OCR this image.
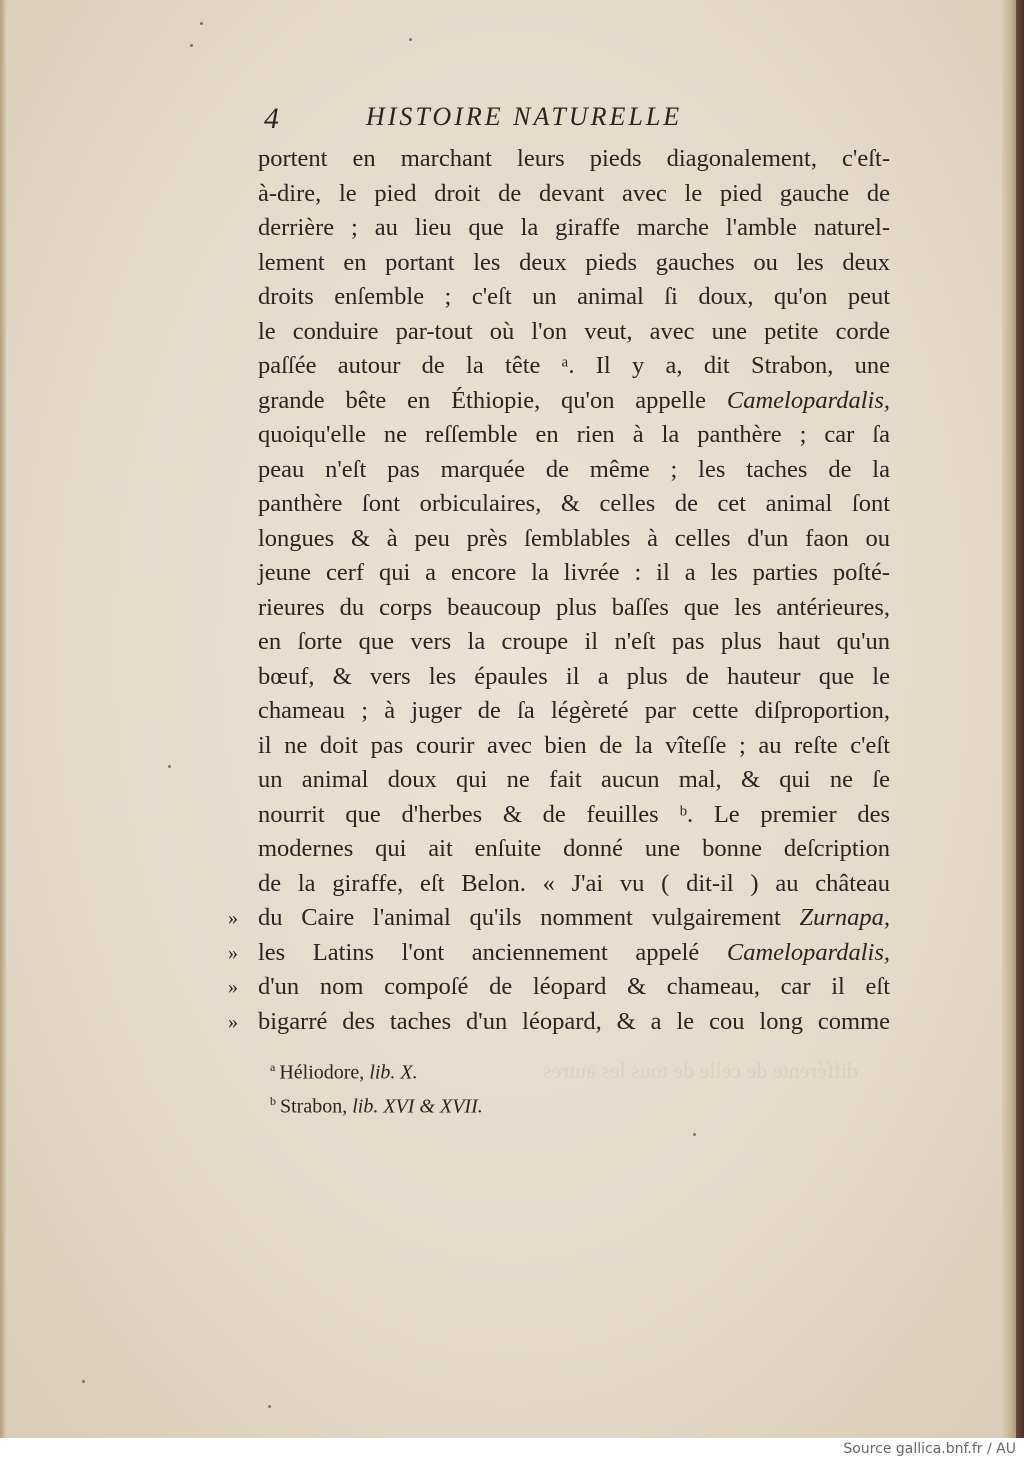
4	HISTOIRE NATURELLE
portent en marchant leurs pieds diagonalement, c'eſt-
à-dire, le pied droit de devant avec le pied gauche de
derrière ; au lieu que la giraffe marche l'amble naturel-
lement en portant les deux pieds gauches ou les deux
droits enſemble ; c'eſt un animal ſi doux, qu'on peut
le conduire par-tout où l'on veut, avec une petite corde
paſſée autour de la tête ᵃ. Il y a, dit Strabon, une
grande bête en Éthiopie, qu'on appelle Camelopardalis,
quoiqu'elle ne reſſemble en rien à la panthère ; car ſa
peau n'eſt pas marquée de même ; les taches de la
panthère ſont orbiculaires, & celles de cet animal ſont
longues & à peu près ſemblables à celles d'un faon ou
jeune cerf qui a encore la livrée : il a les parties poſté-
rieures du corps beaucoup plus baſſes que les antérieures,
en ſorte que vers la croupe il n'eſt pas plus haut qu'un
bœuf, & vers les épaules il a plus de hauteur que le
chameau ; à juger de ſa légèreté par cette diſproportion,
il ne doit pas courir avec bien de la vîteſſe ; au reſte c'eſt
un animal doux qui ne fait aucun mal, & qui ne ſe
nourrit que d'herbes & de feuilles ᵇ. Le premier des
modernes qui ait enſuite donné une bonne deſcription
de la giraffe, eſt Belon. « J'ai vu ( dit-il ) au château
» du Caire l'animal qu'ils nomment vulgairement Zurnapa,
» les Latins l'ont anciennement appelé Camelopardalis,
» d'un nom compoſé de léopard & chameau, car il eſt
» bigarré des taches d'un léopard, & a le cou long comme
$^a$ Héliodore, lib. X.
$^b$ Strabon, lib. XVI & XVII.
différente de celle de tous les autres
Source gallica.bnf.fr / AU
